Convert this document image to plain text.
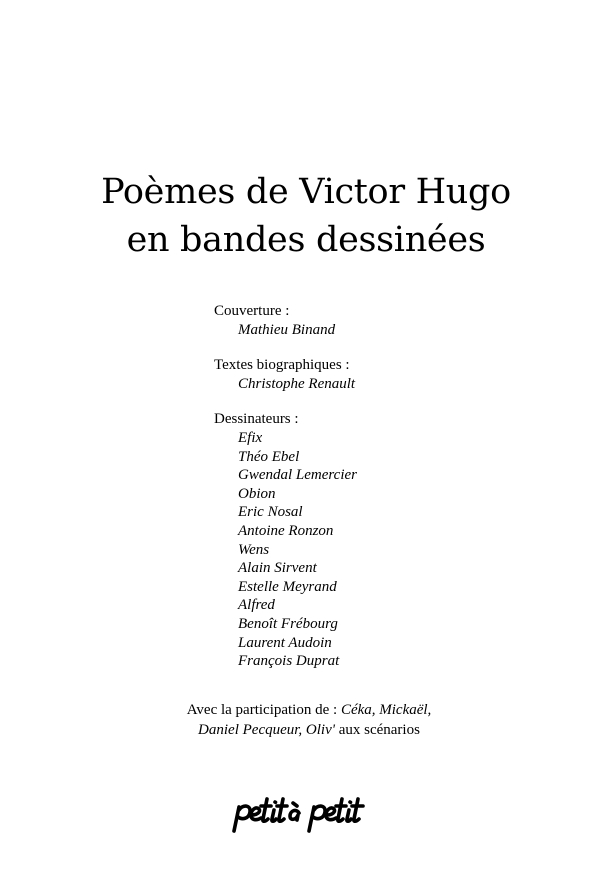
Poèmes de Victor Hugo
en bandes dessinées
Couverture :
Mathieu Binand
Textes biographiques :
Christophe Renault
Dessinateurs :
Efix
Théo Ebel
Gwendal Lemercier
Obion
Eric Nosal
Antoine Ronzon
Wens
Alain Sirvent
Estelle Meyrand
Alfred
Benoît Frébourg
Laurent Audoin
François Duprat
Avec la participation de : Céka, Mickaël,
Daniel Pecqueur, Oliv' aux scénarios
